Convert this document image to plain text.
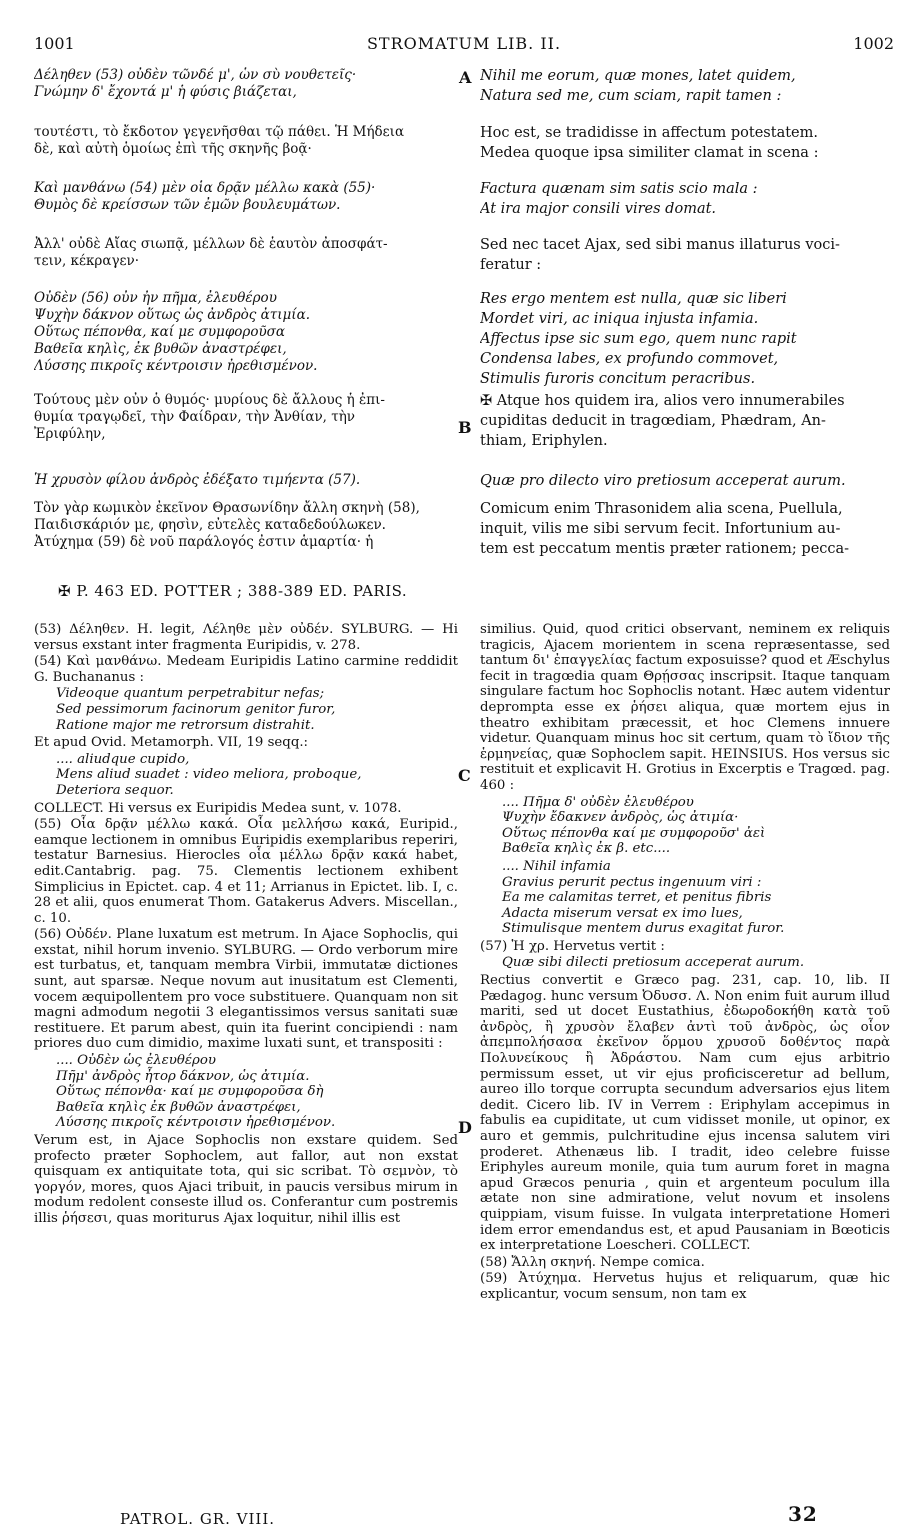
1001	STROMATUM LIB. II.	1002
Δέληθεν (53) οὐδὲν τῶνδέ μ', ὧν σὺ νουθετεῖς·
Γνώμην δ' ἔχοντά μ' ἡ φύσις βιάζεται,
Nihil me eorum, quæ mones, latet quidem,
Natura sed me, cum sciam, rapit tamen :
τουτέστι, τὸ ἔκδοτον γεγενῆσθαι τῷ πάθει. Ἡ Μήδεια
δὲ, καὶ αὐτὴ ὁμοίως ἐπὶ τῆς σκηνῆς βοᾷ·
Hoc est, se tradidisse in affectum potestatem.
Medea quoque ipsa similiter clamat in scena :
Καὶ μανθάνω (54) μὲν οἷα δρᾷν μέλλω κακὰ (55)·
Θυμὸς δὲ κρείσσων τῶν ἐμῶν βουλευμάτων.
Factura quænam sim satis scio mala :
At ira major consili vires domat.
Ἀλλ' οὐδὲ Αἴας σιωπᾷ, μέλλων δὲ ἑαυτὸν ἀποσφάτ-
τειν, κέκραγεν·
Sed nec tacet Ajax, sed sibi manus illaturus voci-
feratur :
Οὐδὲν (56) οὖν ἦν πῆμα, ἐλευθέρου
Ψυχὴν δάκνον οὕτως ὡς ἀνδρὸς ἀτιμία.
Οὕτως πέπονθα, καί με συμφοροῦσα
Βαθεῖα κηλὶς, ἐκ βυθῶν ἀναστρέφει,
Λύσσης πικροῖς κέντροισιν ἠρεθισμένον.
Res ergo mentem est nulla, quæ sic liberi
Mordet viri, ac iniqua injusta infamia.
Affectus ipse sic sum ego, quem nunc rapit
Condensa labes, ex profundo commovet,
Stimulis furoris concitum peracribus.
Τούτους μὲν οὖν ὁ θυμός· μυρίους δὲ ἄλλους ἡ ἐπι-
θυμία τραγῳδεῖ, τὴν Φαίδραν, τὴν Ἀνθίαν, τὴν
Ἐριφύλην,
✠ Atque hos quidem ira, alios vero innumerabiles
cupiditas deducit in tragœdiam, Phædram, An-
thiam, Eriphylen.
Ἡ χρυσὸν φίλου ἀνδρὸς ἐδέξατο τιμήεντα (57).	Quæ pro dilecto viro pretiosum acceperat aurum.
Τὸν γὰρ κωμικὸν ἐκεῖνον Θρασωνίδην ἄλλη σκηνὴ (58),
Παιδισκάριόν με, φησὶν, εὐτελὲς καταδεδούλωκεν.
Ἀτύχημα (59) δὲ νοῦ παράλογός ἐστιν ἁμαρτία· ἡ
Comicum enim Thrasonidem alia scena, Puellula,
inquit, vilis me sibi servum fecit. Infortunium au-
tem est peccatum mentis præter rationem; pecca-
A
B
C
D
✠ P. 463 ED. POTTER ; 388-389 ED. PARIS.

(53) Δέληθεν. H. legit, Λέληθε μὲν οὐδέν. SYLBURG. — Hi versus exstant inter fragmenta Euripidis, v. 278.

(54) Καὶ μανθάνω. Medeam Euripidis Latino carmine reddidit G. Buchananus :

Videoque quantum perpetrabitur nefas;
Sed pessimorum facinorum genitor furor,
Ratione major me retrorsum distrahit.

Et apud Ovid. Metamorph. VII, 19 seqq.:

.... aliudque cupido,
Mens aliud suadet : video meliora, proboque,
Deteriora sequor.

COLLECT. Hi versus ex Euripidis Medea sunt, v. 1078.

(55) Οἷα δρᾷν μέλλω κακά. Οἷα μελλήσω κακά, Euripid., eamque lectionem in omnibus Euripidis exemplaribus reperiri, testatur Barnesius. Hierocles οἷα μέλλω δρᾷν κακά habet, edit.Cantabrig. pag. 75. Clementis lectionem exhibent Simplicius in Epictet. cap. 4 et 11; Arrianus in Epictet. lib. I, c. 28 et alii, quos enumerat Thom. Gatakerus Advers. Miscellan., c. 10.

(56) Οὐδέν. Plane luxatum est metrum. In Ajace Sophoclis, qui exstat, nihil horum invenio. SYLBURG. — Ordo verborum mire est turbatus, et, tanquam membra Virbii, immutatæ dictiones sunt, aut sparsæ. Neque novum aut inusitatum est Clementi, vocem æquipollentem pro voce substituere. Quanquam non sit magni admodum negotii 3 elegantissimos versus sanitati suæ restituere. Et parum abest, quin ita fuerint concipiendi : nam priores duo cum dimidio, maxime luxati sunt, et transpositi :

.... Οὐδὲν ὡς ἐλευθέρου
Πῆμ' ἀνδρὸς ἦτορ δάκνον, ὡς ἀτιμία.
Οὕτως πέπονθα· καί με συμφοροῦσα δὴ
Βαθεῖα κηλὶς ἐκ βυθῶν ἀναστρέφει,
Λύσσης πικροῖς κέντροισιν ἠρεθισμένον.

Verum est, in Ajace Sophoclis non exstare quidem. Sed profecto præter Sophoclem, aut fallor, aut non exstat quisquam ex antiquitate tota, qui sic scribat. Τὸ σεμνὸν, τὸ γοργόν, mores, quos Ajaci tribuit, in paucis versibus mirum in modum redolent conseste illud os. Conferantur cum postremis illis ῥήσεσι, quas moriturus Ajax loquitur, nihil illis est

similius. Quid, quod critici observant, neminem ex reliquis tragicis, Ajacem morientem in scena repræsentasse, sed tantum δι' ἐπαγγελίας factum exposuisse? quod et Æschylus fecit in tragœdia quam Θρῄσσας inscripsit. Itaque tanquam singulare factum hoc Sophoclis notant. Hæc autem videntur deprompta esse ex ῥήσει aliqua, quæ mortem ejus in theatro exhibitam præcessit, et hoc Clemens innuere videtur. Quanquam minus hoc sit certum, quam τὸ ἴδιον τῆς ἑρμηνείας, quæ Sophoclem sapit. HEINSIUS. Hos versus sic restituit et explicavit H. Grotius in Excerptis e Tragœd. pag. 460 :

.... Πῆμα δ' οὐδὲν ἐλευθέρου
Ψυχὴν ἔδακνεν ἀνδρὸς, ὡς ἀτιμία·
Οὕτως πέπονθα καί με συμφοροῦσ' ἀεὶ
Βαθεῖα κηλὶς ἐκ β. etc....
.... Nihil infamia
Gravius perurit pectus ingenuum viri :
Ea me calamitas terret, et penitus fibris
Adacta miserum versat ex imo lues,
Stimulisque mentem durus exagitat furor.

(57) Ἡ χρ. Hervetus vertit :

Quæ sibi dilecti pretiosum acceperat aurum.

Rectius convertit e Græco pag. 231, cap. 10, lib. II Pædagog. hunc versum Ὀδυσσ. Λ. Non enim fuit aurum illud mariti, sed ut docet Eustathius, ἐδωροδοκήθη κατὰ τοῦ ἀνδρὸς, ἢ χρυσὸν ἔλαβεν ἀντὶ τοῦ ἀνδρὸς, ὡς οἷον ἀπεμπολήσασα ἐκεῖνον ὅρμου χρυσοῦ δοθέντος παρὰ Πολυνείκους ἢ Ἀδράστου. Nam cum ejus arbitrio permissum esset, ut vir ejus proficisceretur ad bellum, aureo illo torque corrupta secundum adversarios ejus litem dedit. Cicero lib. IV in Verrem : Eriphylam accepimus in fabulis ea cupiditate, ut cum vidisset monile, ut opinor, ex auro et gemmis, pulchritudine ejus incensa salutem viri proderet. Athenæus lib. I tradit, ideo celebre fuisse Eriphyles aureum monile, quia tum aurum foret in magna apud Græcos penuria , quin et argenteum poculum illa ætate non sine admiratione, velut novum et insolens quippiam, visum fuisse. In vulgata interpretatione Homeri idem error emendandus est, et apud Pausaniam in Bœoticis ex interpretatione Loescheri. COLLECT.

(58) Ἄλλη σκηνή. Nempe comica.

(59) Ἀτύχημα. Hervetus hujus et reliquarum, quæ hic explicantur, vocum sensum, non tam ex

PATROL. GR. VIII.	32
